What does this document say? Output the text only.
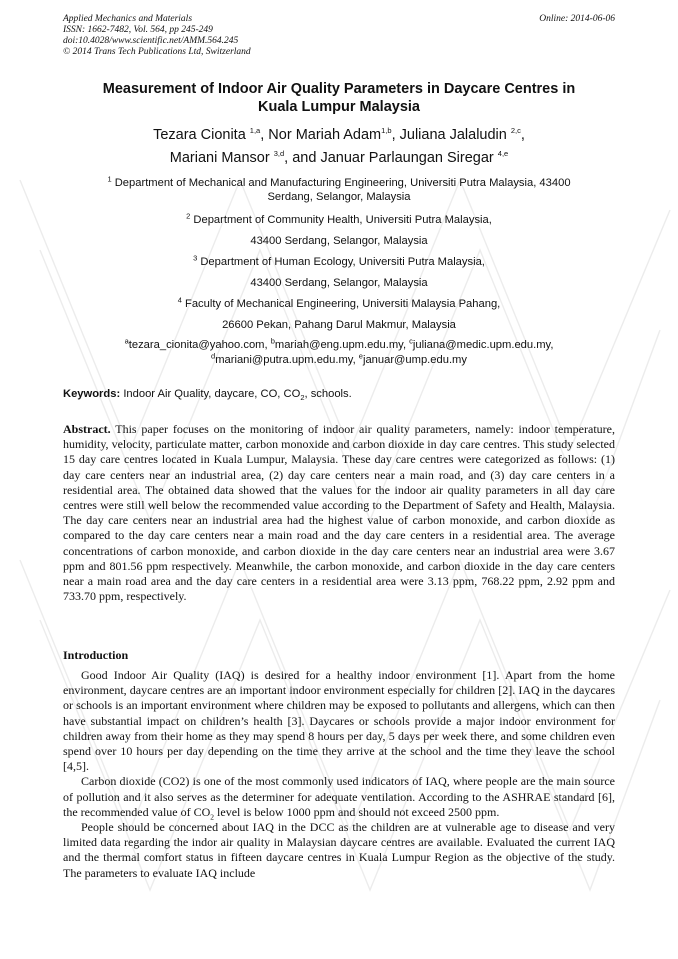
Applied Mechanics and Materials
ISSN: 1662-7482, Vol. 564, pp 245-249
doi:10.4028/www.scientific.net/AMM.564.245
© 2014 Trans Tech Publications Ltd, Switzerland
Online: 2014-06-06
Measurement of Indoor Air Quality Parameters in Daycare Centres in
Kuala Lumpur Malaysia
Tezara Cionita $^{1,a}$, Nor Mariah Adam$^{1,b}$, Juliana Jalaludin $^{2,c}$,
Mariani Mansor $^{3,d}$, and Januar Parlaungan Siregar $^{4,e}$
$^1$ Department of Mechanical and Manufacturing Engineering, Universiti Putra Malaysia, 43400
Serdang, Selangor, Malaysia
$^2$ Department of Community Health, Universiti Putra Malaysia,
43400 Serdang, Selangor, Malaysia
$^3$ Department of Human Ecology, Universiti Putra Malaysia,
43400 Serdang, Selangor, Malaysia
$^4$ Faculty of Mechanical Engineering, Universiti Malaysia Pahang,
26600 Pekan, Pahang Darul Makmur, Malaysia
$^a$tezara_cionita@yahoo.com, $^b$mariah@eng.upm.edu.my, $^c$juliana@medic.upm.edu.my,
$^d$mariani@putra.upm.edu.my, $^e$januar@ump.edu.my
Keywords: Indoor Air Quality, daycare, CO, $CO_2$, schools.
Abstract. This paper focuses on the monitoring of indoor air quality parameters, namely: indoor temperature, humidity, velocity, particulate matter, carbon monoxide and carbon dioxide in day care centres. This study selected 15 day care centres located in Kuala Lumpur, Malaysia. These day care centres were categorized as follows: (1) day care centers near an industrial area, (2) day care centers near a main road, and (3) day care centers in a residential area. The obtained data showed that the values for the indoor air quality parameters in all day care centres were still well below the recommended value according to the Department of Safety and Health, Malaysia. The day care centers near an industrial area had the highest value of carbon monoxide, and carbon dioxide as compared to the day care centers near a main road and the day care centers in a residential area. The average concentrations of carbon monoxide, and carbon dioxide in the day care centers near an industrial area were 3.67 ppm and 801.56 ppm respectively. Meanwhile, the carbon monoxide, and carbon dioxide in the day care centers near a main road area and the day care centers in a residential area were 3.13 ppm, 768.22 ppm, 2.92 ppm and 733.70 ppm, respectively.
Introduction

Good Indoor Air Quality (IAQ) is desired for a healthy indoor environment [1]. Apart from the home environment, daycare centres are an important indoor environment especially for children [2]. IAQ in the daycares or schools is an important environment where children may be exposed to pollutants and allergens, which can then have substantial impact on children’s health [3]. Daycares or schools provide a major indoor environment for children away from their home as they may spend 8 hours per day, 5 days per week there, and some children even spend over 10 hours per day depending on the time they arrive at the school and the time they leave the school [4,5].

Carbon dioxide (CO2) is one of the most commonly used indicators of IAQ, where people are the main source of pollution and it also serves as the determiner for adequate ventilation. According to the ASHRAE standard [6], the recommended value of $CO_2$ level is below 1000 ppm and should not exceed 2500 ppm.

People should be concerned about IAQ in the DCC as the children are at vulnerable age to disease and very limited data regarding the indor air quality in Malaysian daycare centres are available. Evaluated the current IAQ and the thermal comfort status in fifteen daycare centres in Kuala Lumpur Region as the objective of the study. The parameters to evaluate IAQ include
